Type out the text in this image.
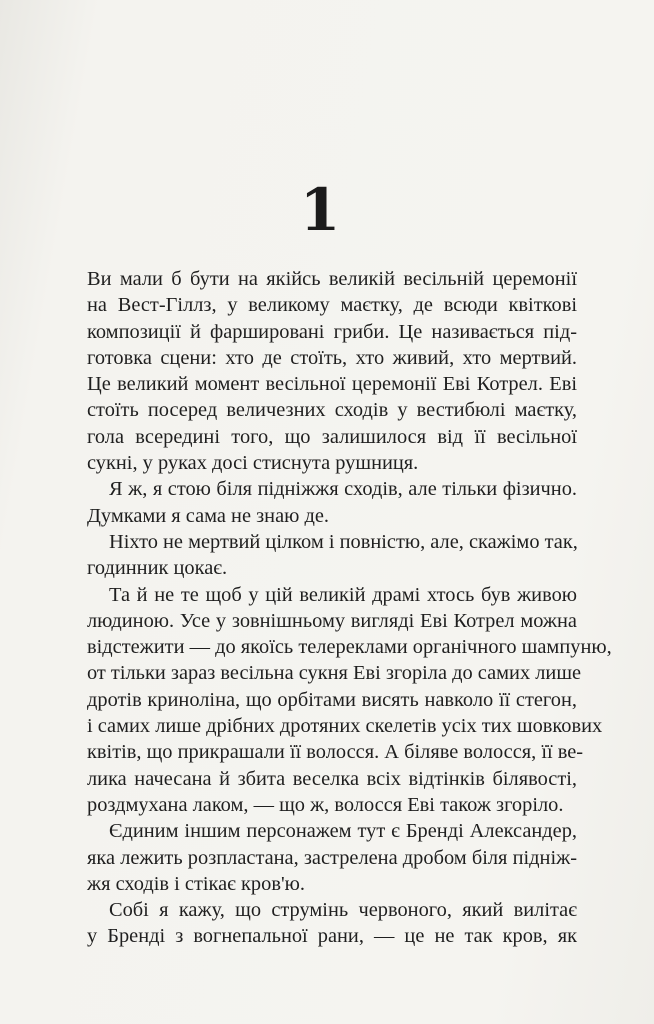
1

Ви мали б бути на якійсь великій весільній церемонії
на Вест-Гіллз, у великому маєтку, де всюди квіткові
композиції й фаршировані гриби. Це називається під-
готовка сцени: хто де стоїть, хто живий, хто мертвий.
Це великий момент весільної церемонії Еві Котрел. Еві
стоїть посеред величезних сходів у вестибюлі маєтку,
гола всередині того, що залишилося від її весільної
сукні, у руках досі стиснута рушниця.

Я ж, я стою біля підніжжя сходів, але тільки фізично.
Думками я сама не знаю де.

Ніхто не мертвий цілком і повністю, але, скажімо так,
годинник цокає.

Та й не те щоб у цій великій драмі хтось був живою
людиною. Усе у зовнішньому вигляді Еві Котрел можна
відстежити — до якоїсь телереклами органічного шампуню,
от тільки зараз весільна сукня Еві згоріла до самих лише
дротів криноліна, що орбітами висять навколо її стегон,
і самих лише дрібних дротяних скелетів усіх тих шовкових
квітів, що прикрашали її волосся. А біляве волосся, її ве-
лика начесана й збита веселка всіх відтінків білявості,
роздмухана лаком, — що ж, волосся Еві також згоріло.

Єдиним іншим персонажем тут є Бренді Александер,
яка лежить розпластана, застрелена дробом біля підніж-
жя сходів і стікає кров'ю.

Собі я кажу, що струмінь червоного, який вилітає
у Бренді з вогнепальної рани, — це не так кров, як
